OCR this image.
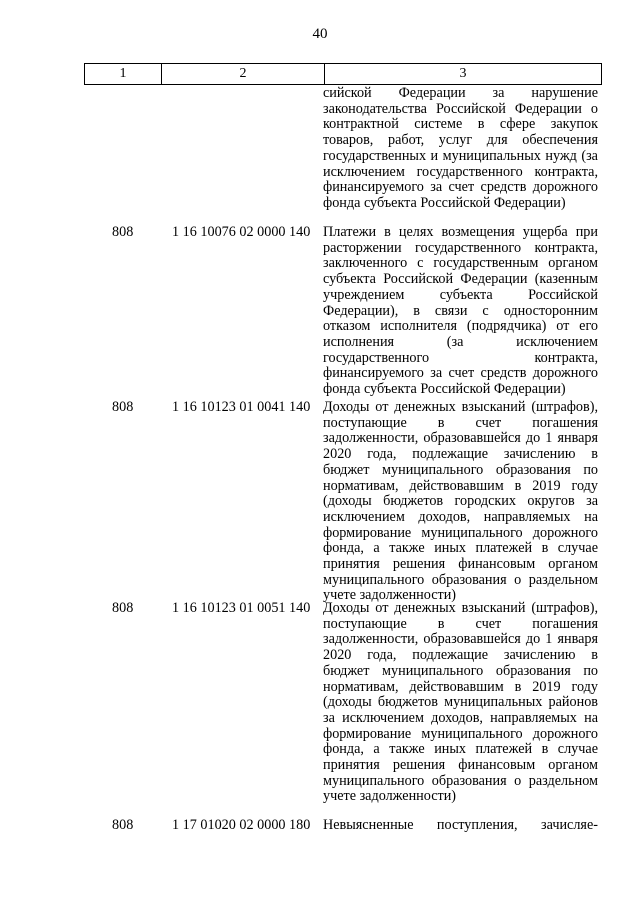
40
1	2	3
сийской Федерации за нарушение законодательства Российской Федерации о контрактной системе в сфере закупок товаров, работ, услуг для обеспечения государственных и муниципальных нужд (за исключением государственного контракта, финансируемого за счет средств дорожного фонда субъекта Российской Федерации)
808	1 16 10076 02 0000 140 Платежи в целях возмещения ущерба при расторжении государственного контракта, заключенного с государственным органом субъекта Российской Федерации (казенным учреждением субъекта Российской Федерации), в связи с односторонним отказом исполнителя (подрядчика) от его исполнения (за исключением государственного контракта, финансируемого за счет средств дорожного фонда субъекта Российской Федерации)
808	1 16 10123 01 0041 140 Доходы от денежных взысканий (штрафов), поступающие в счет погашения задолженности, образовавшейся до 1 января 2020 года, подлежащие зачислению в бюджет муниципального образования по нормативам, действовавшим в 2019 году (доходы бюджетов городских округов за исключением доходов, направляемых на формирование муниципального дорожного фонда, а также иных платежей в случае принятия решения финансовым органом муниципального образования о раздельном учете задолженности)
808	1 16 10123 01 0051 140 Доходы от денежных взысканий (штрафов), поступающие в счет погашения задолженности, образовавшейся до 1 января 2020 года, подлежащие зачислению в бюджет муниципального образования по нормативам, действовавшим в 2019 году (доходы бюджетов муниципальных районов за исключением доходов, направляемых на формирование муниципального дорожного фонда, а также иных платежей в случае принятия решения финансовым органом муниципального образования о раздельном учете задолженности)
808	1 17 01020 02 0000 180 Невыясненные поступления, зачисляе-
